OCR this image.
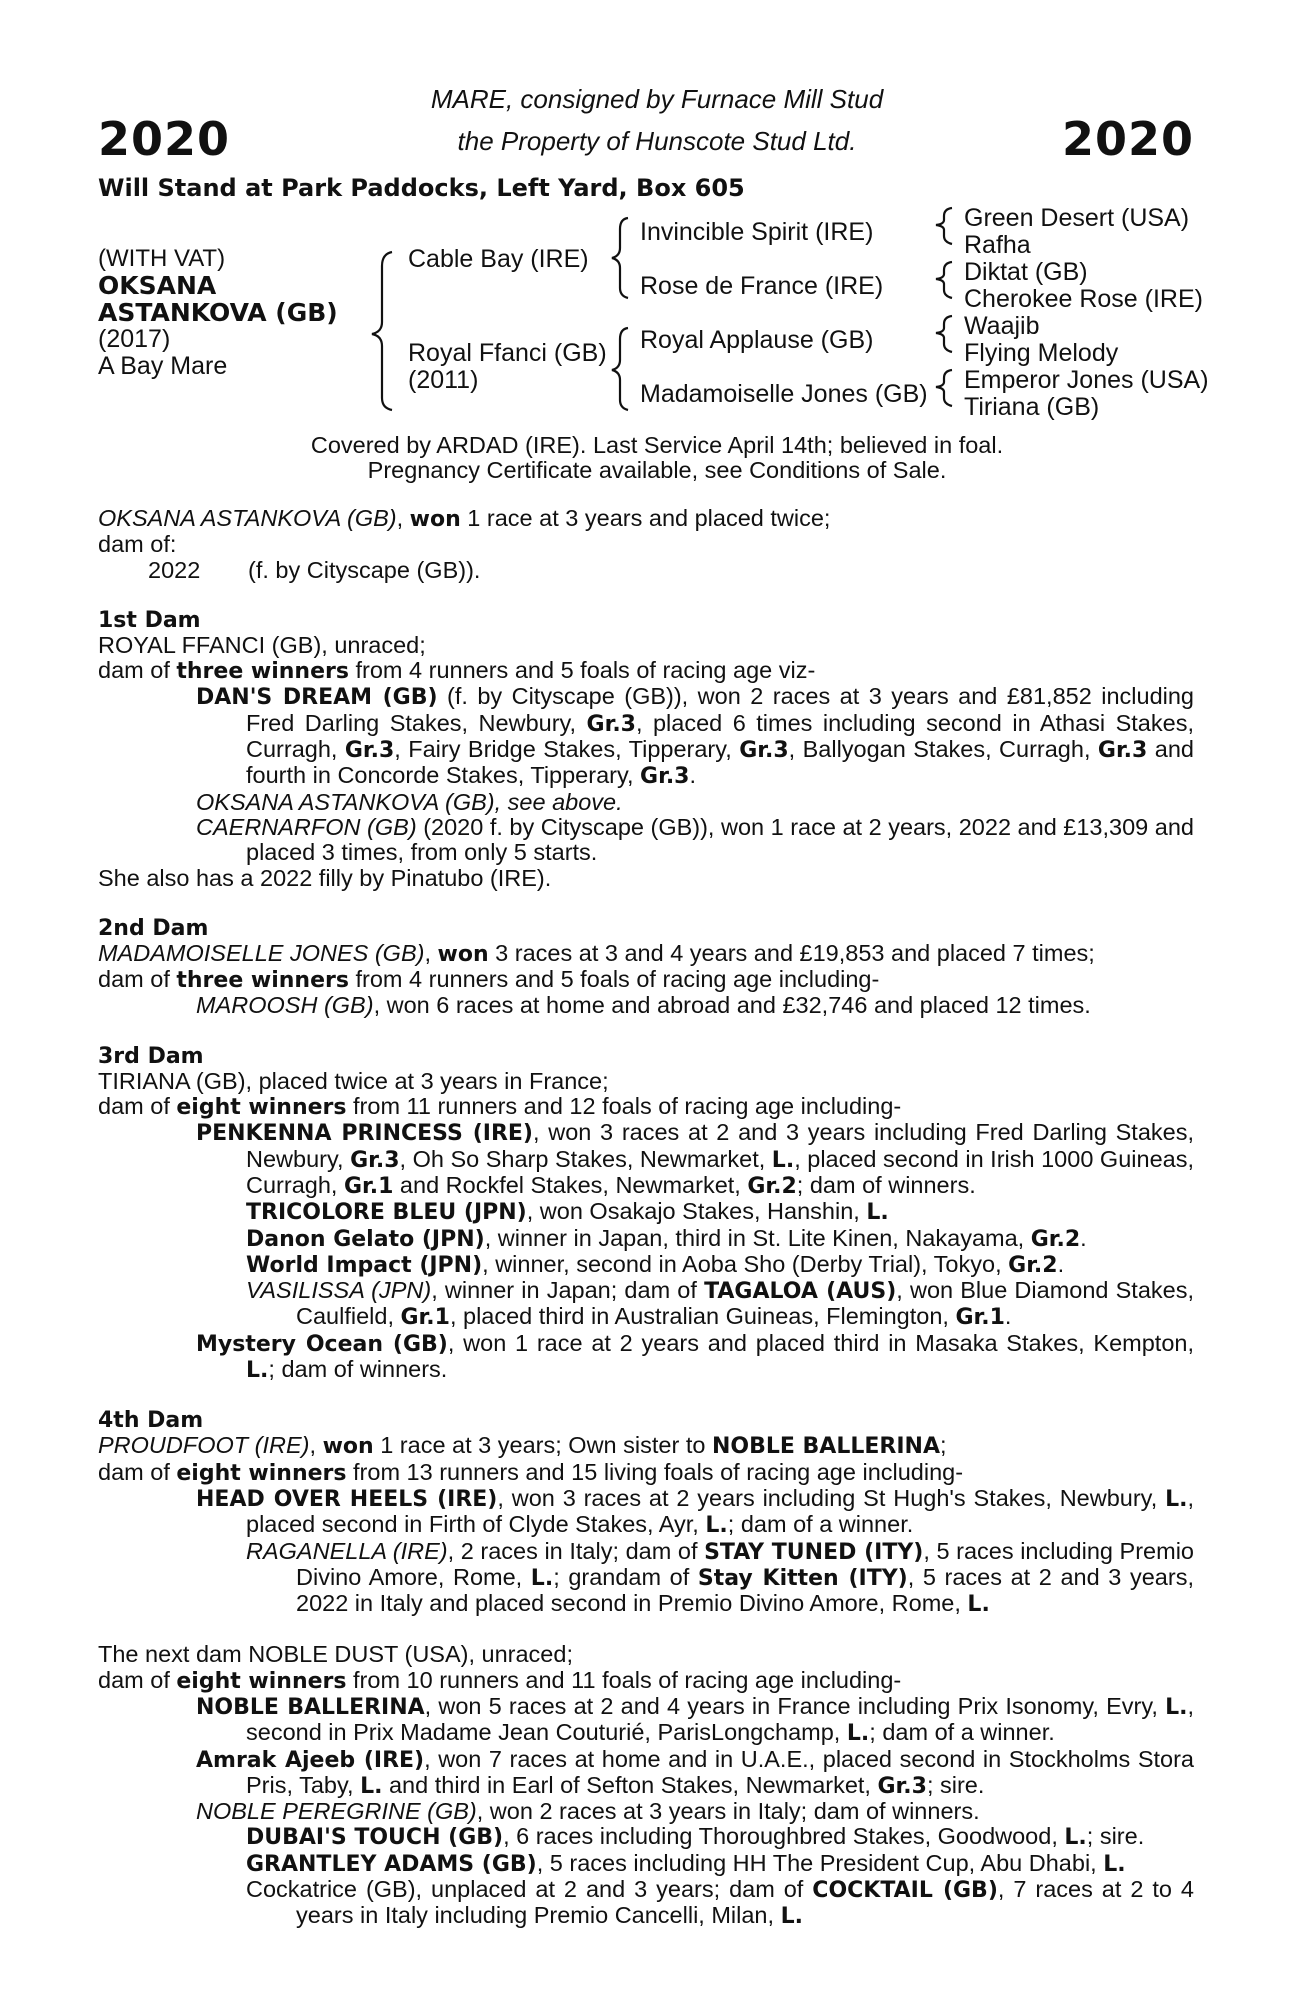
2020	2020
MARE, consigned by Furnace Mill Stud
the Property of Hunscote Stud Ltd.
Will Stand at Park Paddocks, Left Yard, Box 605
(WITH VAT)
OKSANA
ASTANKOVA (GB)
(2017)
A Bay Mare
Cable Bay (IRE)
Royal Ffanci (GB)
(2011)
Invincible Spirit (IRE)
Rose de France (IRE)
Royal Applause (GB)
Madamoiselle Jones (GB)
Green Desert (USA)
Rafha
Diktat (GB)
Cherokee Rose (IRE)
Waajib
Flying Melody
Emperor Jones (USA)
Tiriana (GB)
Covered by ARDAD (IRE). Last Service April 14th; believed in foal.
Pregnancy Certificate available, see Conditions of Sale.

OKSANA ASTANKOVA (GB), won 1 race at 3 years and placed twice;

dam of:

2022 (f. by Cityscape (GB)).

1st Dam

ROYAL FFANCI (GB), unraced;

dam of three winners from 4 runners and 5 foals of racing age viz-

DAN'S DREAM (GB) (f. by Cityscape (GB)), won 2 races at 3 years and £81,852 including Fred Darling Stakes, Newbury, Gr.3, placed 6 times including second in Athasi Stakes, Curragh, Gr.3, Fairy Bridge Stakes, Tipperary, Gr.3, Ballyogan Stakes, Curragh, Gr.3 and fourth in Concorde Stakes, Tipperary, Gr.3.

OKSANA ASTANKOVA (GB), see above.

CAERNARFON (GB) (2020 f. by Cityscape (GB)), won 1 race at 2 years, 2022 and £13,309 and placed 3 times, from only 5 starts.

She also has a 2022 filly by Pinatubo (IRE).

2nd Dam

MADAMOISELLE JONES (GB), won 3 races at 3 and 4 years and £19,853 and placed 7 times;

dam of three winners from 4 runners and 5 foals of racing age including-

MAROOSH (GB), won 6 races at home and abroad and £32,746 and placed 12 times.

3rd Dam

TIRIANA (GB), placed twice at 3 years in France;

dam of eight winners from 11 runners and 12 foals of racing age including-

PENKENNA PRINCESS (IRE), won 3 races at 2 and 3 years including Fred Darling Stakes, Newbury, Gr.3, Oh So Sharp Stakes, Newmarket, L., placed second in Irish 1000 Guineas, Curragh, Gr.1 and Rockfel Stakes, Newmarket, Gr.2; dam of winners.

TRICOLORE BLEU (JPN), won Osakajo Stakes, Hanshin, L.

Danon Gelato (JPN), winner in Japan, third in St. Lite Kinen, Nakayama, Gr.2.

World Impact (JPN), winner, second in Aoba Sho (Derby Trial), Tokyo, Gr.2.

VASILISSA (JPN), winner in Japan; dam of TAGALOA (AUS), won Blue Diamond Stakes, Caulfield, Gr.1, placed third in Australian Guineas, Flemington, Gr.1.

Mystery Ocean (GB), won 1 race at 2 years and placed third in Masaka Stakes, Kempton, L.; dam of winners.

4th Dam

PROUDFOOT (IRE), won 1 race at 3 years; Own sister to NOBLE BALLERINA;

dam of eight winners from 13 runners and 15 living foals of racing age including-

HEAD OVER HEELS (IRE), won 3 races at 2 years including St Hugh's Stakes, Newbury, L., placed second in Firth of Clyde Stakes, Ayr, L.; dam of a winner.

RAGANELLA (IRE), 2 races in Italy; dam of STAY TUNED (ITY), 5 races including Premio Divino Amore, Rome, L.; grandam of Stay Kitten (ITY), 5 races at 2 and 3 years, 2022 in Italy and placed second in Premio Divino Amore, Rome, L.

The next dam NOBLE DUST (USA), unraced;

dam of eight winners from 10 runners and 11 foals of racing age including-

NOBLE BALLERINA, won 5 races at 2 and 4 years in France including Prix Isonomy, Evry, L., second in Prix Madame Jean Couturié, ParisLongchamp, L.; dam of a winner.

Amrak Ajeeb (IRE), won 7 races at home and in U.A.E., placed second in Stockholms Stora Pris, Taby, L. and third in Earl of Sefton Stakes, Newmarket, Gr.3; sire.

NOBLE PEREGRINE (GB), won 2 races at 3 years in Italy; dam of winners.

DUBAI'S TOUCH (GB), 6 races including Thoroughbred Stakes, Goodwood, L.; sire.

GRANTLEY ADAMS (GB), 5 races including HH The President Cup, Abu Dhabi, L.

Cockatrice (GB), unplaced at 2 and 3 years; dam of COCKTAIL (GB), 7 races at 2 to 4 years in Italy including Premio Cancelli, Milan, L.
